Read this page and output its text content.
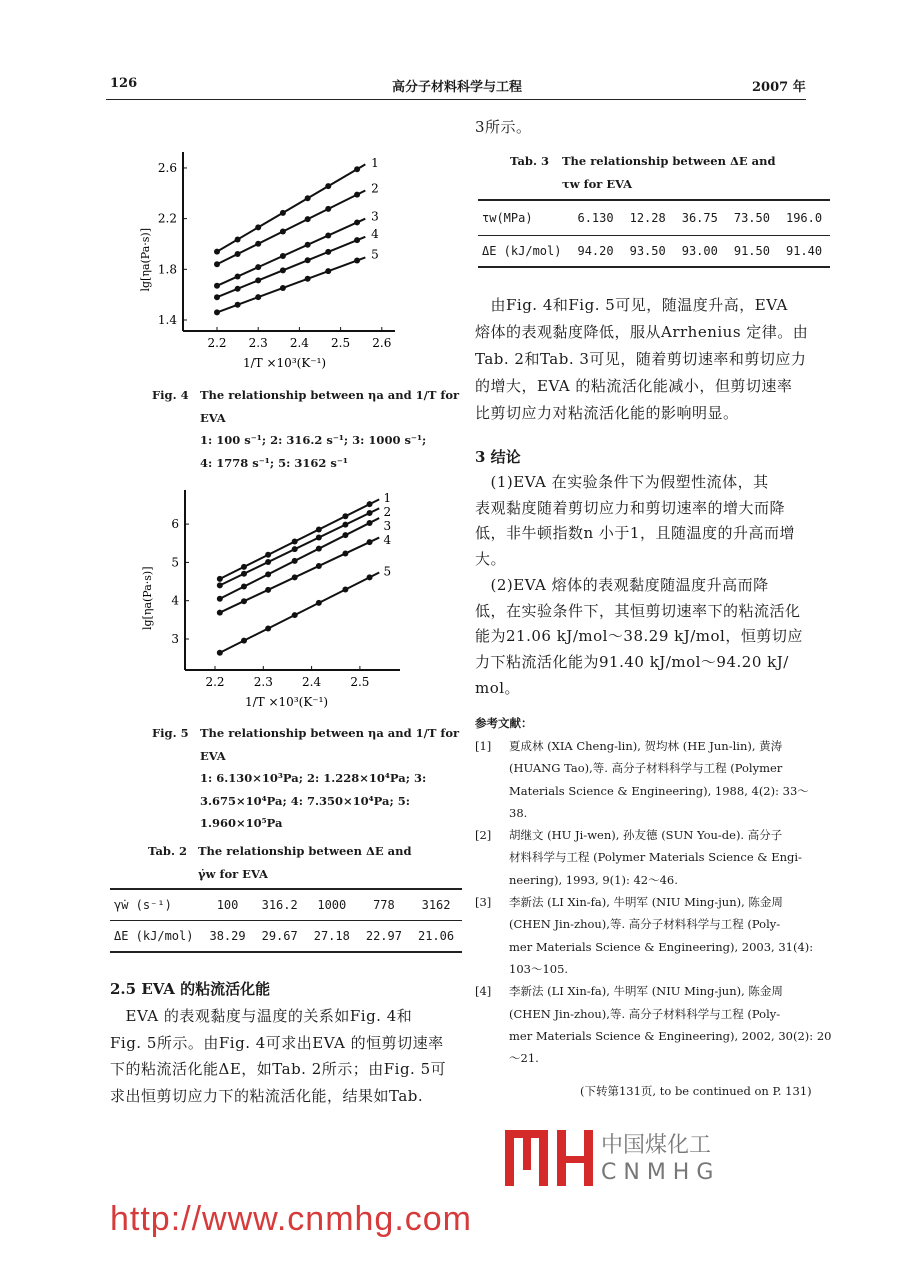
126	高分子材料科学与工程	2007 年
2.2 2.3 2.4 2.5 2.6
1.4
1.8
2.2
2.6
1/T ×10³(K⁻¹)
lg[ηa(Pa·s)]
1
2
3
4
5
Fig. 4 The relationship between ηa and 1/T for
EVA
1: 100 s⁻¹; 2: 316.2 s⁻¹; 3: 1000 s⁻¹;
4: 1778 s⁻¹; 5: 3162 s⁻¹
2.2 2.3 2.4 2.5
3
4
5
6
1/T ×10³(K⁻¹)
lg[ηa(Pa·s)]
1
2
3
4
5
Fig. 5 The relationship between ηa and 1/T for
EVA
1: 6.130×10³Pa; 2: 1.228×10⁴Pa; 3:
3.675×10⁴Pa; 4: 7.350×10⁴Pa; 5:
1.960×10⁵Pa
Tab. 2 The relationship between ΔE and
γ̇w for EVA
γ̇w (s⁻¹)	100	316.2	1000	778	3162
ΔE (kJ/mol)	38.29	29.67	27.18	22.97	21.06
2.5 EVA 的粘流活化能
　EVA 的表观黏度与温度的关系如Fig. 4和
Fig. 5所示。由Fig. 4可求出EVA 的恒剪切速率
下的粘流活化能ΔE，如Tab. 2所示；由Fig. 5可
求出恒剪切应力下的粘流活化能，结果如Tab.
3所示。
Tab. 3 The relationship between ΔE and
τw for EVA
τw(MPa)	6.130	12.28	36.75	73.50	196.0
ΔE (kJ/mol)	94.20	93.50	93.00	91.50	91.40
　由Fig. 4和Fig. 5可见，随温度升高，EVA
熔体的表观黏度降低，服从Arrhenius 定律。由
Tab. 2和Tab. 3可见，随着剪切速率和剪切应力
的增大，EVA 的粘流活化能减小，但剪切速率
比剪切应力对粘流活化能的影响明显。
3 结论
　(1)EVA 在实验条件下为假塑性流体，其
表观黏度随着剪切应力和剪切速率的增大而降
低，非牛顿指数n 小于1，且随温度的升高而增
大。
　(2)EVA 熔体的表观黏度随温度升高而降
低，在实验条件下，其恒剪切速率下的粘流活化
能为21.06 kJ/mol～38.29 kJ/mol，恒剪切应
力下粘流活化能为91.40 kJ/mol～94.20 kJ/
mol。
参考文献：
[1] 夏成林 (XIA Cheng-lin), 贺均林 (HE Jun-lin), 黄涛
(HUANG Tao),等. 高分子材料科学与工程 (Polymer
Materials Science & Engineering), 1988, 4(2): 33～
38.
[2] 胡继文 (HU Ji-wen), 孙友德 (SUN You-de). 高分子
材料科学与工程 (Polymer Materials Science & Engi-
neering), 1993, 9(1): 42～46.
[3] 李新法 (LI Xin-fa), 牛明军 (NIU Ming-jun), 陈金周
(CHEN Jin-zhou),等. 高分子材料科学与工程 (Poly-
mer Materials Science & Engineering), 2003, 31(4):
103～105.
[4] 李新法 (LI Xin-fa), 牛明军 (NIU Ming-jun), 陈金周
(CHEN Jin-zhou),等. 高分子材料科学与工程 (Poly-
mer Materials Science & Engineering), 2002, 30(2): 20
～21.
(下转第131页, to be continued on P. 131)
http://www.cnmhg.com
中国煤化工
CNMHG
